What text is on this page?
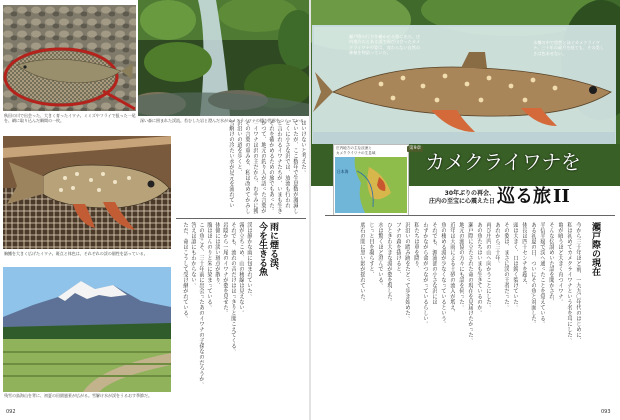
秋田の川で出会った、大きく育ったイワナ。ミミズやフライで狙った一尾を、網に取り込んだ瞬間の一枚。	深い森に囲まれた渓流。苔むした岩と澄んだ水がカメクライワナの棲む世界をつくっている。
胸鰭を大きく広げたイワナ。斑点と体色は、それぞれの渓の個性を語っている。
残雪の鳥海山を背に、初夏の田園風景が広がる。雪解け水が渓をうるおす季節だ。
はいけないと考えた。
ていたが、ここ数年で生息数が激減し
とくに小さな沢では、放流も行われ
と言われるイワナたちが、いまも生き
それを確かめるための旅でもあった。
かつて、地元の釣り人が語った言葉が
「イワナは沢の主だから、むやみに獲
その言葉の重みを、私は改めてかみし
沢沿いの道を歩くと、
雪解けの冷たい水が足元を流れてい
雨に煙る渓、
今を生きる魚
渓は静かな雨に包まれていた。
霧が立ちこめ、山の稜線は見えない。
それでも、流れの音だけははっきりと聞こえてくる。
岩陰から一尾のイワナが姿を見せた。
体側には淡い斑点が散り、
腹はほんのりと朱に染まっている。
この魚こそ、三十年前に出会ったあのイワナの子孫なのだろうか。
答えは誰にもわからない。
ただ、命はこうして受け継がれている。
092
瀬戸際の行方を確かめる旅に出た。庄内地方のとある渓で再び出会ったカメクライワナの姿は、変わらない自然の神秘を物語っていた。
水槽の中で悠然と泳ぐカメクライワナ。三十年の歳月を経ても、その美しさは色あせない。
庄内地方の主な渓流と
カメクライワナの生息域
日本海
第9章
カメクライワナを
30年ぶりの再会、
庄内の至宝に心震えた日 巡る旅 II
今から三十年ほど前、一九九〇年代のはじめに、
私は初めてカメクライワナという名を耳にした。
亀が喰うほど大きく育つイワナ。
そんな伝説めいた話を聞かされ、
半信半疑で渓へ通ったことを覚えている。
ある初夏の日、ついにその魚と対面した。
体長は四十センチを超え、
頭は大きく、口は鋭く裂けていた。
その姿は、まさに渓の王者だった。
あれから三十年。
再び庄内の山へ向かうことにした。
あの魚たちはいまも生きているのか。
瀬戸際に立たされた命の現在を見届けたかった。
地元の漁協の方々にも話を伺った。
近年は大雨による土砂の流入が増え、
魚の棲める淵が少なくなっているという。
それでも、源流部の小さな沢には
わずかながら命がつながっているらしい。
私たちは車を降り、
沢沿いの踏み跡をたどって歩き始めた。
ブナの森を抜けると、
ひときわ大きな淵が姿を現した。
水は驚くほど澄んでいる。
じっと目を凝らすと、
底石の間に黒い影が揺れていた。	瀬戸際の現在
093
